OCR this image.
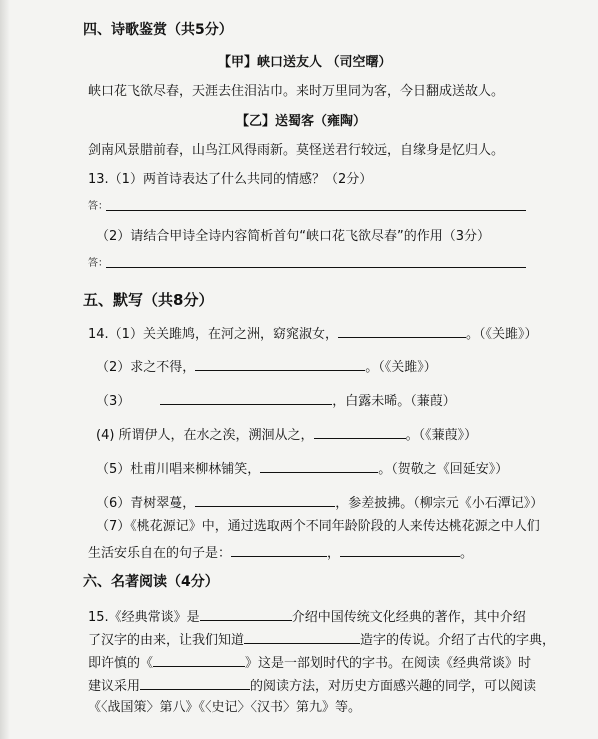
四、诗歌鉴赏（共5分）
【甲】峡口送友人 （司空曙）
峡口花飞欲尽春，天涯去住泪沾巾。来时万里同为客，今日翻成送故人。
【乙】送蜀客（雍陶）
剑南风景腊前春，山鸟江风得雨新。莫怪送君行较远，自缘身是忆归人。
13.（1）两首诗表达了什么共同的情感？（2分）
答：
（2）请结合甲诗全诗内容简析首句“峡口花飞欲尽春”的作用（3分）
答：
五、默写（共8分）
14.（1）关关雎鸠，在河之洲，窈窕淑女，	。（《关雎》）
（2）求之不得，	。（《关雎》）
（3）	，白露未晞。（蒹葭）
(4) 所谓伊人，在水之涘，溯洄从之，	。（《蒹葭》）
（5）杜甫川唱来柳林铺笑，	。（贺敬之《回延安》）
（6）青树翠蔓，	，参差披拂。（柳宗元《小石潭记》）
（7）《桃花源记》中，通过选取两个不同年龄阶段的人来传达桃花源之中人们
生活安乐自在的句子是：	，	。
六、名著阅读（4分）
15.《经典常谈》是	介绍中国传统文化经典的著作，其中介绍
了汉字的由来，让我们知道	造字的传说。介绍了古代的字典，
即许慎的《	》这是一部划时代的字书。在阅读《经典常谈》时
建议采用	的阅读方法，对历史方面感兴趣的同学，可以阅读
《〈战国策〉第八》《〈史记〉〈汉书〉第九》等。
